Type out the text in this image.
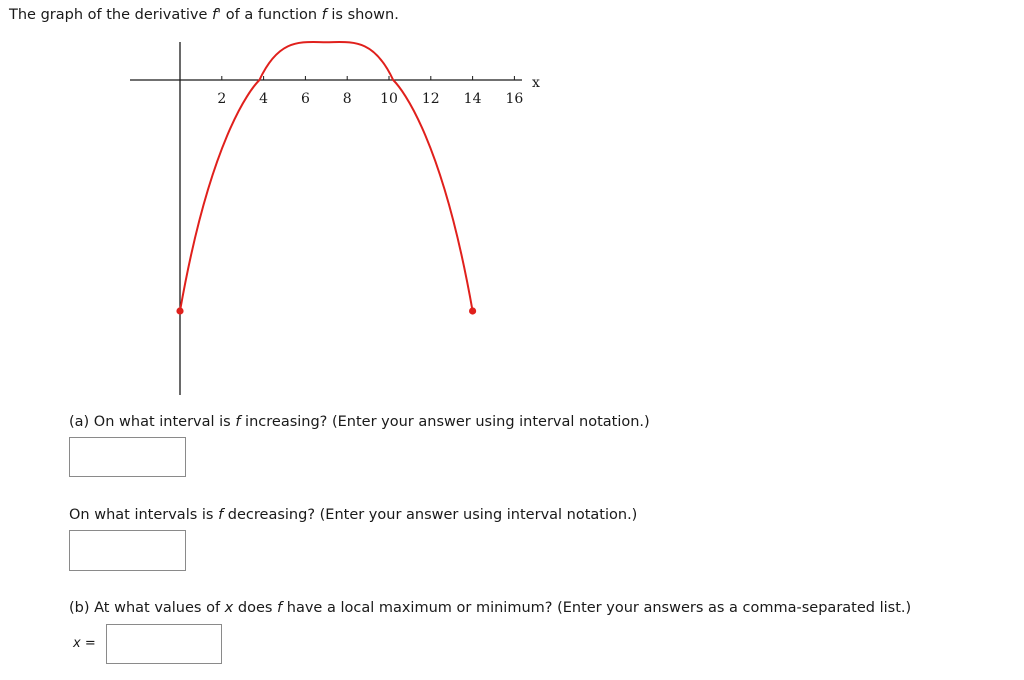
The graph of the derivative f' of a function f is shown.
x
2 4 6 8 10 12 14 16
(a) On what interval is f increasing? (Enter your answer using interval notation.)
On what intervals is f decreasing? (Enter your answer using interval notation.)
(b) At what values of x does f have a local maximum or minimum? (Enter your answers as a comma-separated list.)
x =
